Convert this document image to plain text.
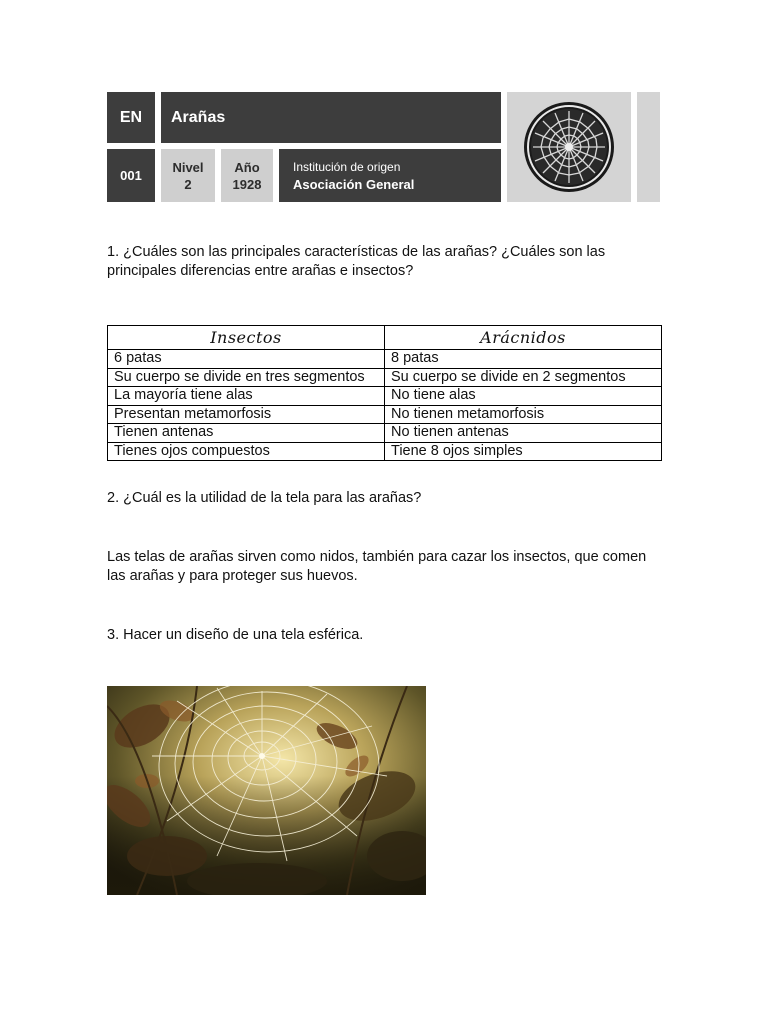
EN Arañas
001
Nivel
2
Año
1928
Institución de origen
Asociación General
1. ¿Cuáles son las principales características de las arañas? ¿Cuáles son las principales diferencias entre arañas e insectos?
Insectos	Arácnidos
6 patas	8 patas
Su cuerpo se divide en tres segmentos	Su cuerpo se divide en 2 segmentos
La mayoría tiene alas	No tiene alas
Presentan metamorfosis	No tienen metamorfosis
Tienen antenas	No tienen antenas
Tienes ojos compuestos	Tiene 8 ojos simples
2. ¿Cuál es la utilidad de la tela para las arañas?
Las telas de arañas sirven como nidos, también para cazar los insectos, que comen las arañas y para proteger sus huevos.
3. Hacer un diseño de una tela esférica.
